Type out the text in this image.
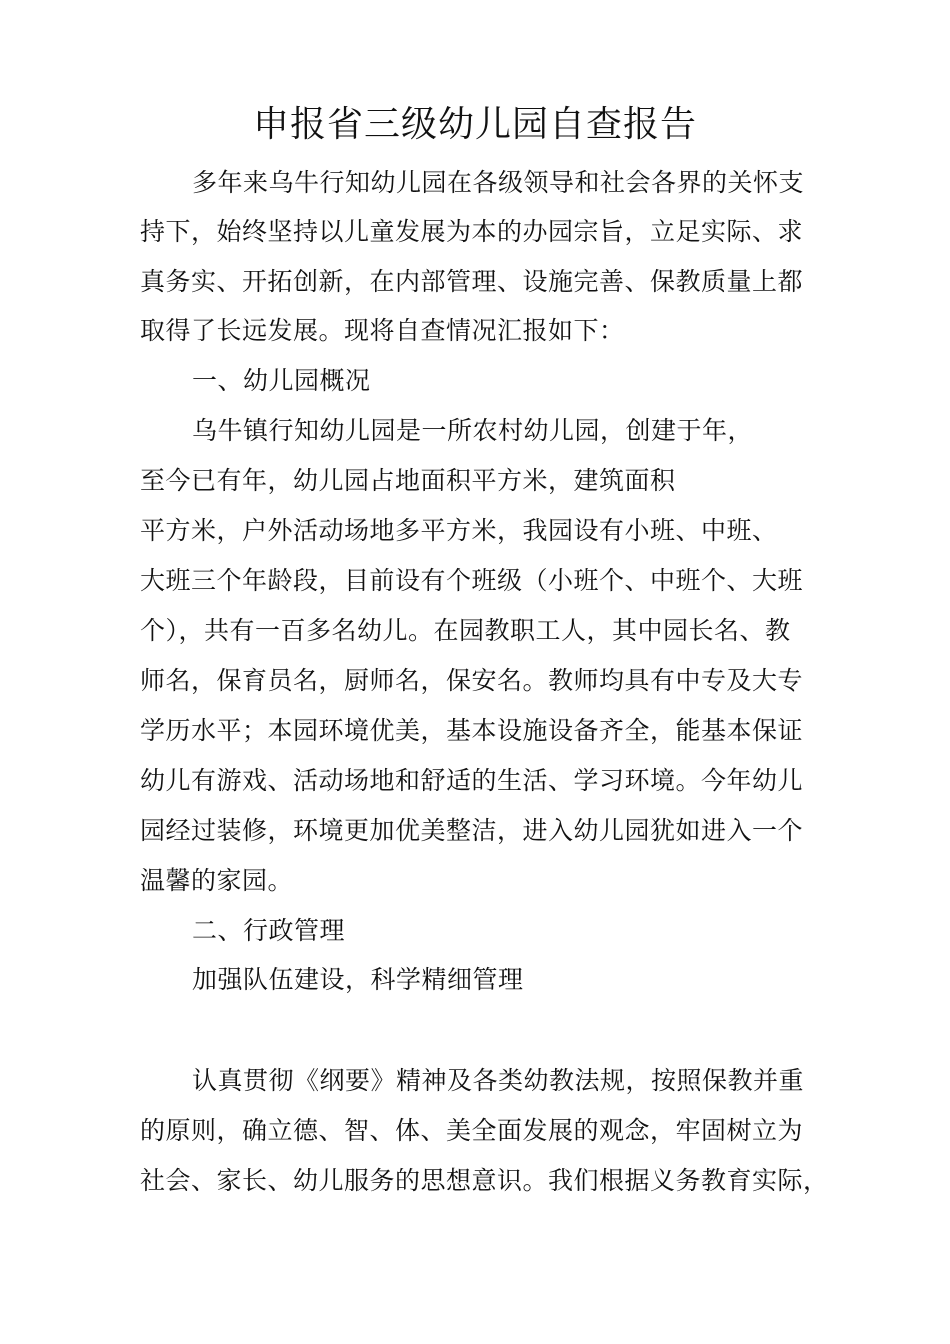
申报省三级幼儿园自查报告
多年来乌牛行知幼儿园在各级领导和社会各界的关怀支
持下，始终坚持以儿童发展为本的办园宗旨，立足实际、求
真务实、开拓创新，在内部管理、设施完善、保教质量上都
取得了长远发展。现将自查情况汇报如下：
一、幼儿园概况
乌牛镇行知幼儿园是一所农村幼儿园，创建于年，
至今已有年，幼儿园占地面积平方米，建筑面积
平方米，户外活动场地多平方米，我园设有小班、中班、
大班三个年龄段，目前设有个班级（小班个、中班个、大班
个），共有一百多名幼儿。在园教职工人，其中园长名、教
师名，保育员名，厨师名，保安名。教师均具有中专及大专
学历水平；本园环境优美，基本设施设备齐全，能基本保证
幼儿有游戏、活动场地和舒适的生活、学习环境。今年幼儿
园经过装修，环境更加优美整洁，进入幼儿园犹如进入一个
温馨的家园。
二、行政管理
加强队伍建设，科学精细管理
认真贯彻《纲要》精神及各类幼教法规，按照保教并重
的原则，确立德、智、体、美全面发展的观念，牢固树立为
社会、家长、幼儿服务的思想意识。我们根据义务教育实际，
